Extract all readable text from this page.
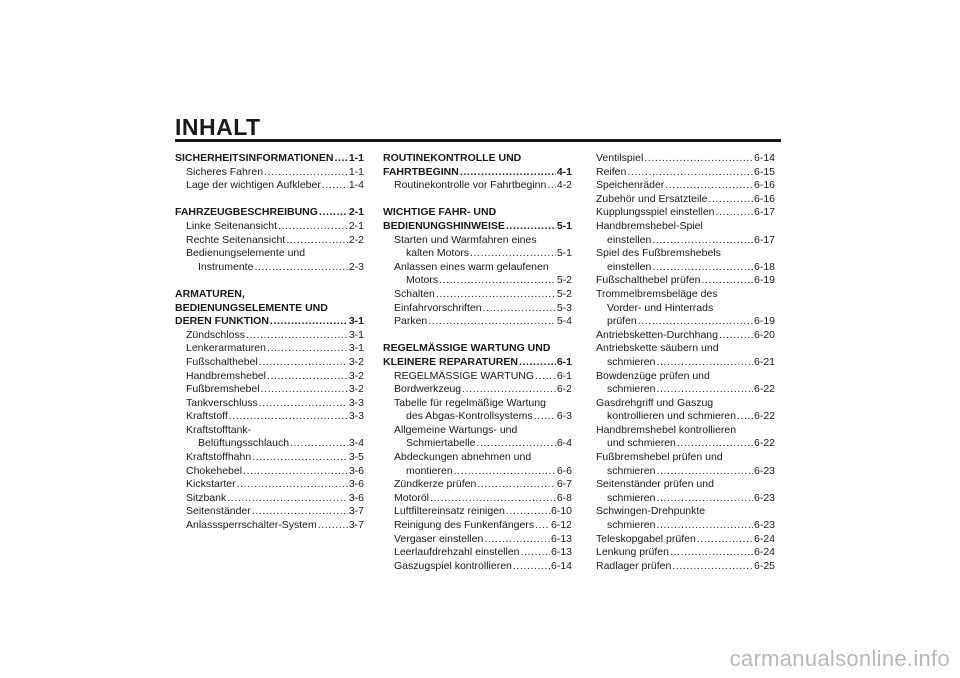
INHALT
SICHERHEITSINFORMATIONEN ..... 1-1
Sicheres Fahren .....	1-1
Lage der wichtigen Aufkleber .....	1-4
FAHRZEUGBESCHREIBUNG .....	2-1
Linke Seitenansicht .....	2-1
Rechte Seitenansicht .....	2-2
Bedienungselemente und
Instrumente .....	2-3
ARMATUREN,
BEDIENUNGSELEMENTE UND
DEREN FUNKTION .....	3-1
Zündschloss .....	3-1
Lenkerarmaturen .....	3-1
Fußschalthebel .....	3-2
Handbremshebel .....	3-2
Fußbremshebel .....	3-2
Tankverschluss .....	3-3
Kraftstoff .....	3-3
Kraftstofftank-
Belüftungsschlauch .....	3-4
Kraftstoffhahn .....	3-5
Chokehebel .....	3-6
Kickstarter .....	3-6
Sitzbank .....	3-6
Seitenständer .....	3-7
Anlasssperrschalter-System .....	3-7
ROUTINEKONTROLLE UND
FAHRTBEGINN .....	4-1
Routinekontrolle vor Fahrtbeginn ..... 4-2
WICHTIGE FAHR- UND
BEDIENUNGSHINWEISE .....	5-1
Starten und Warmfahren eines
kalten Motors .....	5-1
Anlassen eines warm gelaufenen
Motors .....	5-2
Schalten .....	5-2
Einfahrvorschriften .....	5-3
Parken .....	5-4
REGELMÄSSIGE WARTUNG UND
KLEINERE REPARATUREN .....	6-1
REGELMÄSSIGE WARTUNG ..... 6-1
Bordwerkzeug .....	6-2
Tabelle für regelmäßige Wartung
des Abgas-Kontrollsystems ..... 6-3
Allgemeine Wartungs- und
Schmiertabelle .....	6-4
Abdeckungen abnehmen und
montieren .....	6-6
Zündkerze prüfen .....	6-7
Motoröl .....	6-8
Luftfiltereinsatz reinigen .....	6-10
Reinigung des Funkenfängers ..... 6-12
Vergaser einstellen .....	6-13
Leerlaufdrehzahl einstellen .....	6-13
Gaszugspiel kontrollieren .....	6-14
Ventilspiel .....	6-14
Reifen .....	6-15
Speichenräder .....	6-16
Zubehör und Ersatzteile .....	6-16
Kupplungsspiel einstellen .....	6-17
Handbremshebel-Spiel
einstellen .....	6-17
Spiel des Fußbremshebels
einstellen .....	6-18
Fußschalthebel prüfen .....	6-19
Trommelbremsbeläge des
Vorder- und Hinterrads
prüfen .....	6-19
Antriebsketten-Durchhang .....	6-20
Antriebskette säubern und
schmieren .....	6-21
Bowdenzüge prüfen und
schmieren .....	6-22
Gasdrehgriff und Gaszug
kontrollieren und schmieren ..... 6-22
Handbremshebel kontrollieren
und schmieren .....	6-22
Fußbremshebel prüfen und
schmieren .....	6-23
Seitenständer prüfen und
schmieren .....	6-23
Schwingen-Drehpunkte
schmieren .....	6-23
Teleskopgabel prüfen .....	6-24
Lenkung prüfen .....	6-24
Radlager prüfen .....	6-25
carmanualsonline.info
